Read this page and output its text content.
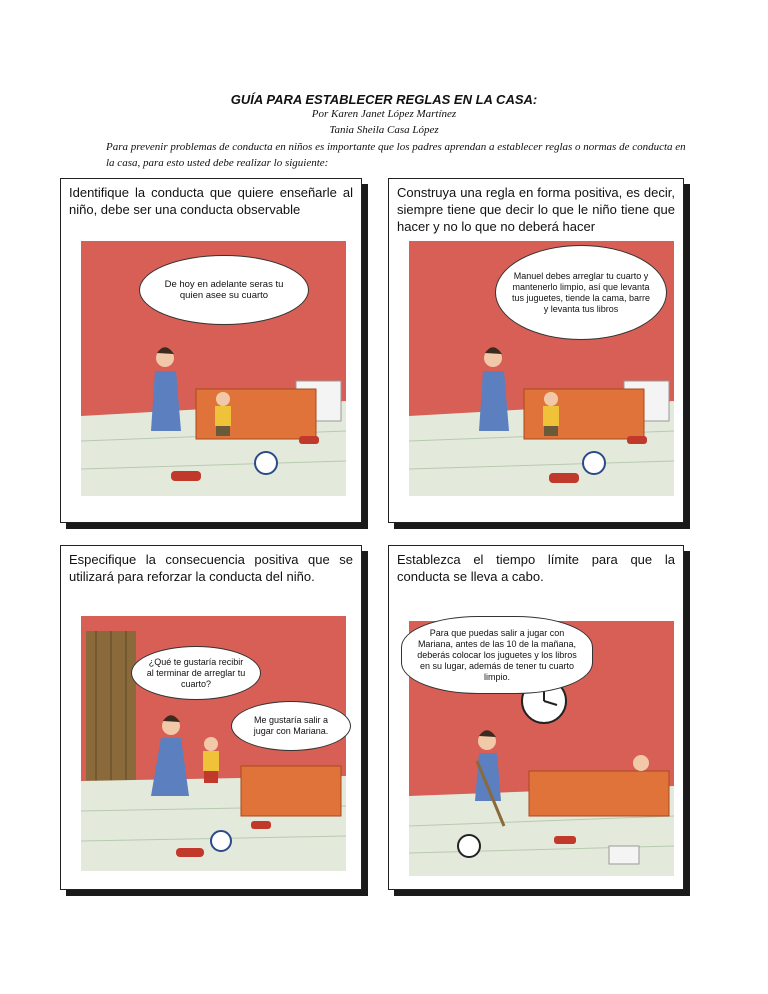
GUÍA PARA ESTABLECER REGLAS EN LA CASA:
Por Karen Janet López Martínez
Tania Sheila Casa López
Para prevenir problemas de conducta en niños es importante que los padres aprendan a establecer reglas o normas de conducta en la casa, para esto usted debe realizar lo siguiente:
Identifique la conducta que quiere enseñarle al niño, debe ser una conducta observable
De hoy en adelante seras tu quien asee su cuarto
Construya una regla en forma positiva, es decir, siempre tiene que decir lo que le niño tiene que hacer y no lo que no deberá hacer
Manuel debes arreglar tu cuarto y mantenerlo limpio, así que levanta tus juguetes, tiende la cama, barre y levanta tus libros
Especifique la consecuencia positiva que se utilizará para reforzar la conducta del niño.
¿Qué te gustaría recibir al terminar de arreglar tu cuarto?
Me gustaría salir a jugar con Mariana.
Establezca el tiempo límite para que la conducta se lleva a cabo.
Para que puedas salir a jugar con Mariana, antes de las 10 de la mañana, deberás colocar los juguetes y los libros en su lugar, además de tener tu cuarto limpio.
